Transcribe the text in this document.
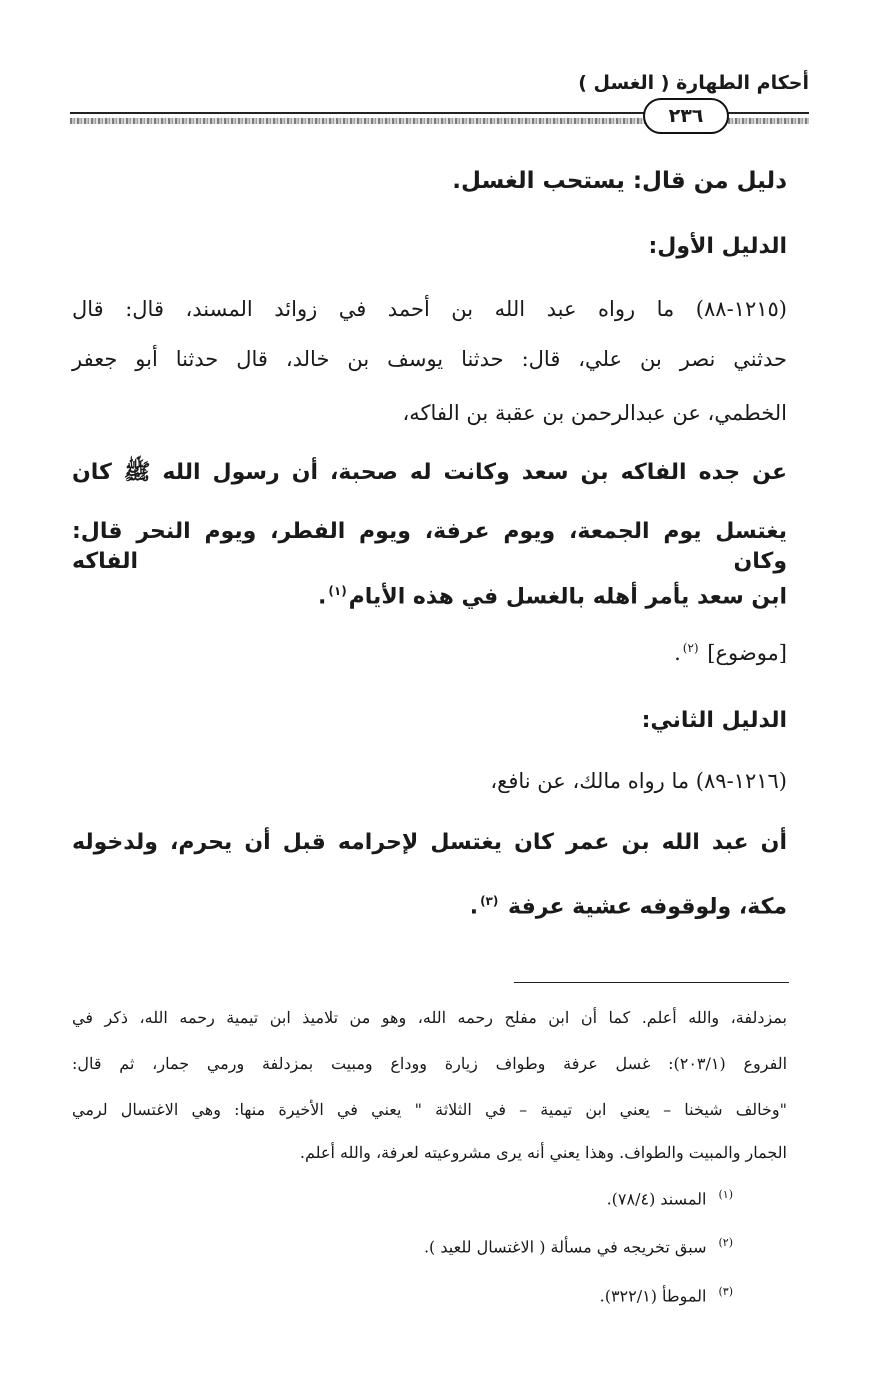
أحكام الطهارة ( الغسل )
٢٣٦
دليل من قال: يستحب الغسل.
الدليل الأول:
(١٢١٥-٨٨) ما رواه عبد الله بن أحمد في زوائد المسند، قال: قال
حدثني نصر بن علي، قال: حدثنا يوسف بن خالد، قال حدثنا أبو جعفر
الخطمي، عن عبدالرحمن بن عقبة بن الفاكه،
عن جده الفاكه بن سعد وكانت له صحبة، أن رسول الله ﷺ كان
يغتسل يوم الجمعة، ويوم عرفة، ويوم الفطر، ويوم النحر قال: وكان الفاكه
ابن سعد يأمر أهله بالغسل في هذه الأيام$^{(١)}$.
[موضوع] $^{(٢)}$.
الدليل الثاني:
(١٢١٦-٨٩) ما رواه مالك، عن نافع،
أن عبد الله بن عمر كان يغتسل لإحرامه قبل أن يحرم، ولدخوله
مكة، ولوقوفه عشية عرفة $^{(٣)}$.
بمزدلفة، والله أعلم. كما أن ابن مفلح رحمه الله، وهو من تلاميذ ابن تيمية رحمه الله، ذكر في
الفروع (٢٠٣/١): غسل عرفة وطواف زيارة ووداع ومبيت بمزدلفة ورمي جمار، ثم قال:
"وخالف شيخنا – يعني ابن تيمية – في الثلاثة " يعني في الأخيرة منها: وهي الاغتسال لرمي
الجمار والمبيت والطواف. وهذا يعني أنه يرى مشروعيته لعرفة، والله أعلم.
$^{(١)}$المسند (٧٨/٤).
$^{(٢)}$سبق تخريجه في مسألة ( الاغتسال للعيد ).
$^{(٣)}$الموطأ (٣٢٢/١).
